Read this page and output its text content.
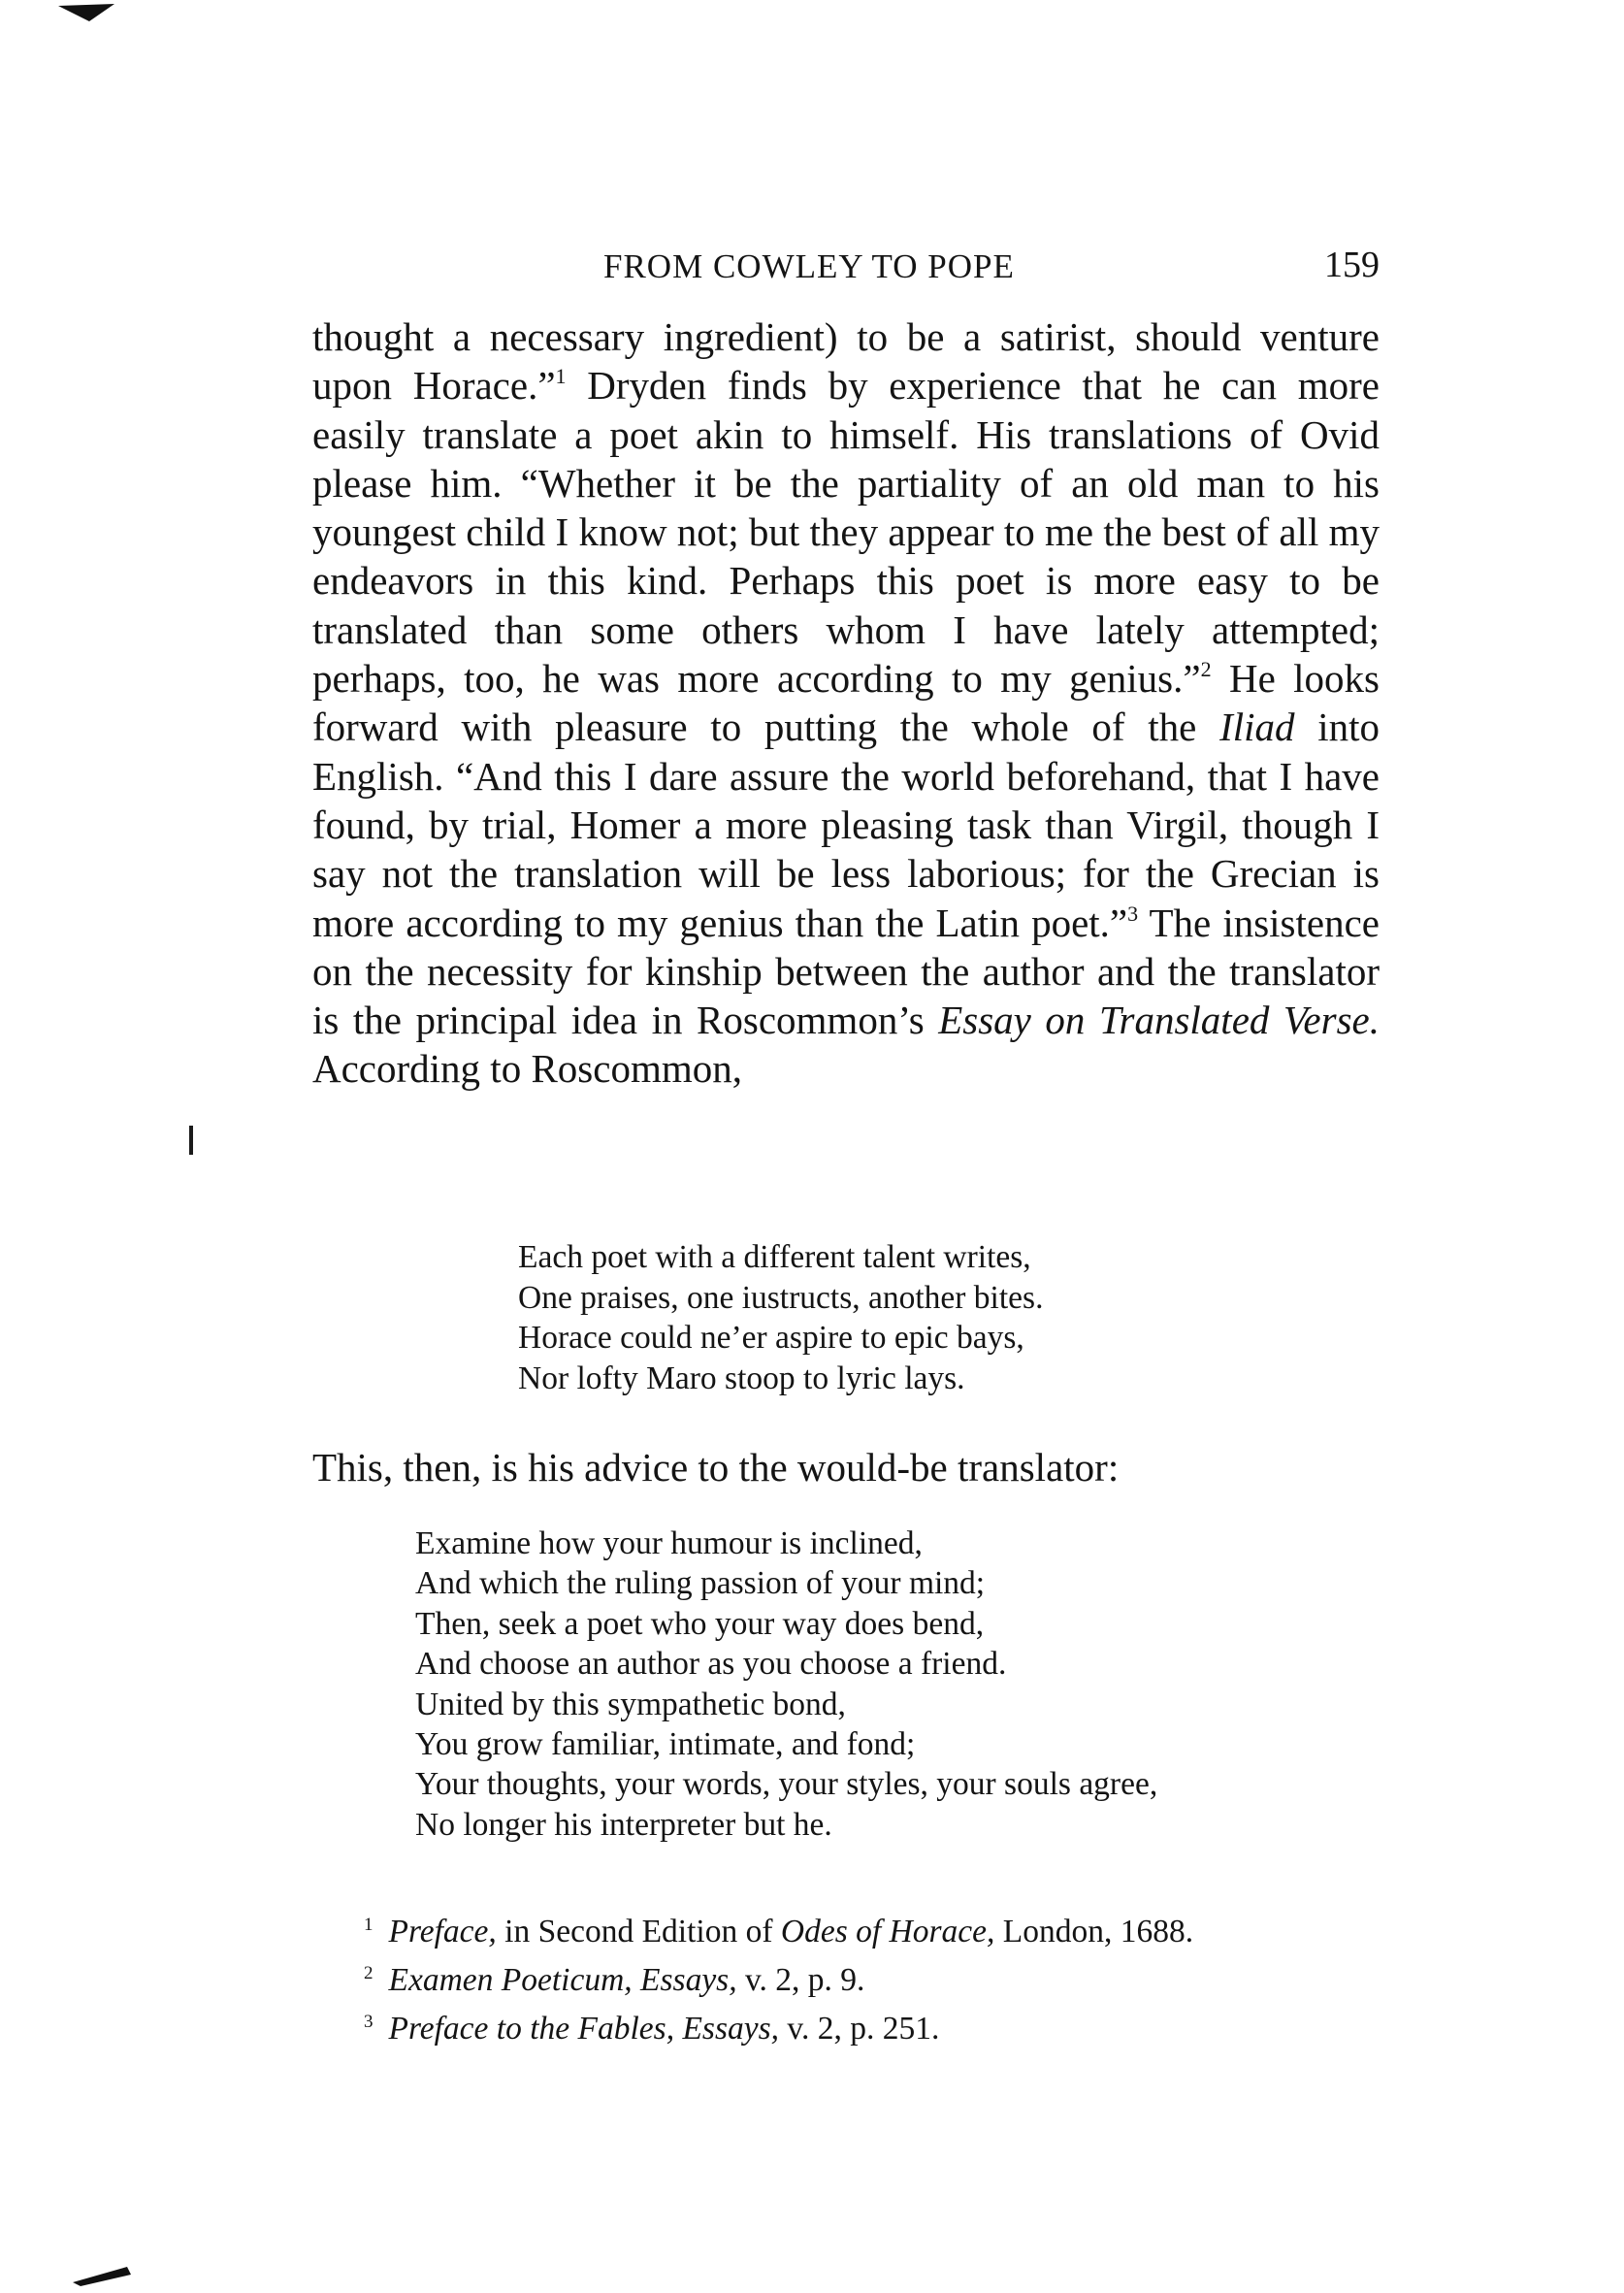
FROM COWLEY TO POPE	159

thought a necessary ingredient) to be a satirist, should venture upon Horace.”$^1$ Dryden finds by experience that he can more easily translate a poet akin to himself. His translations of Ovid please him. “Whether it be the partiality of an old man to his youngest child I know not; but they appear to me the best of all my endeavors in this kind. Perhaps this poet is more easy to be translated than some others whom I have lately attempted; perhaps, too, he was more according to my genius.”$^2$ He looks forward with pleasure to putting the whole of the Iliad into English. “And this I dare assure the world beforehand, that I have found, by trial, Homer a more pleasing task than Virgil, though I say not the translation will be less laborious; for the Grecian is more according to my genius than the Latin poet.”$^3$ The insistence on the necessity for kinship between the author and the translator is the principal idea in Roscommon’s Essay on Translated Verse. According to Roscommon,

Each poet with a different talent writes,
One praises, one iustructs, another bites.
Horace could ne’er aspire to epic bays,
Nor lofty Maro stoop to lyric lays.
This, then, is his advice to the would-be translator:
Examine how your humour is inclined,
And which the ruling passion of your mind;
Then, seek a poet who your way does bend,
And choose an author as you choose a friend.
United by this sympathetic bond,
You grow familiar, intimate, and fond;
Your thoughts, your words, your styles, your souls agree,
No longer his interpreter but he.
$^1$ Preface, in Second Edition of Odes of Horace, London, 1688.
$^2$ Examen Poeticum, Essays, v. 2, p. 9.
$^3$ Preface to the Fables, Essays, v. 2, p. 251.
